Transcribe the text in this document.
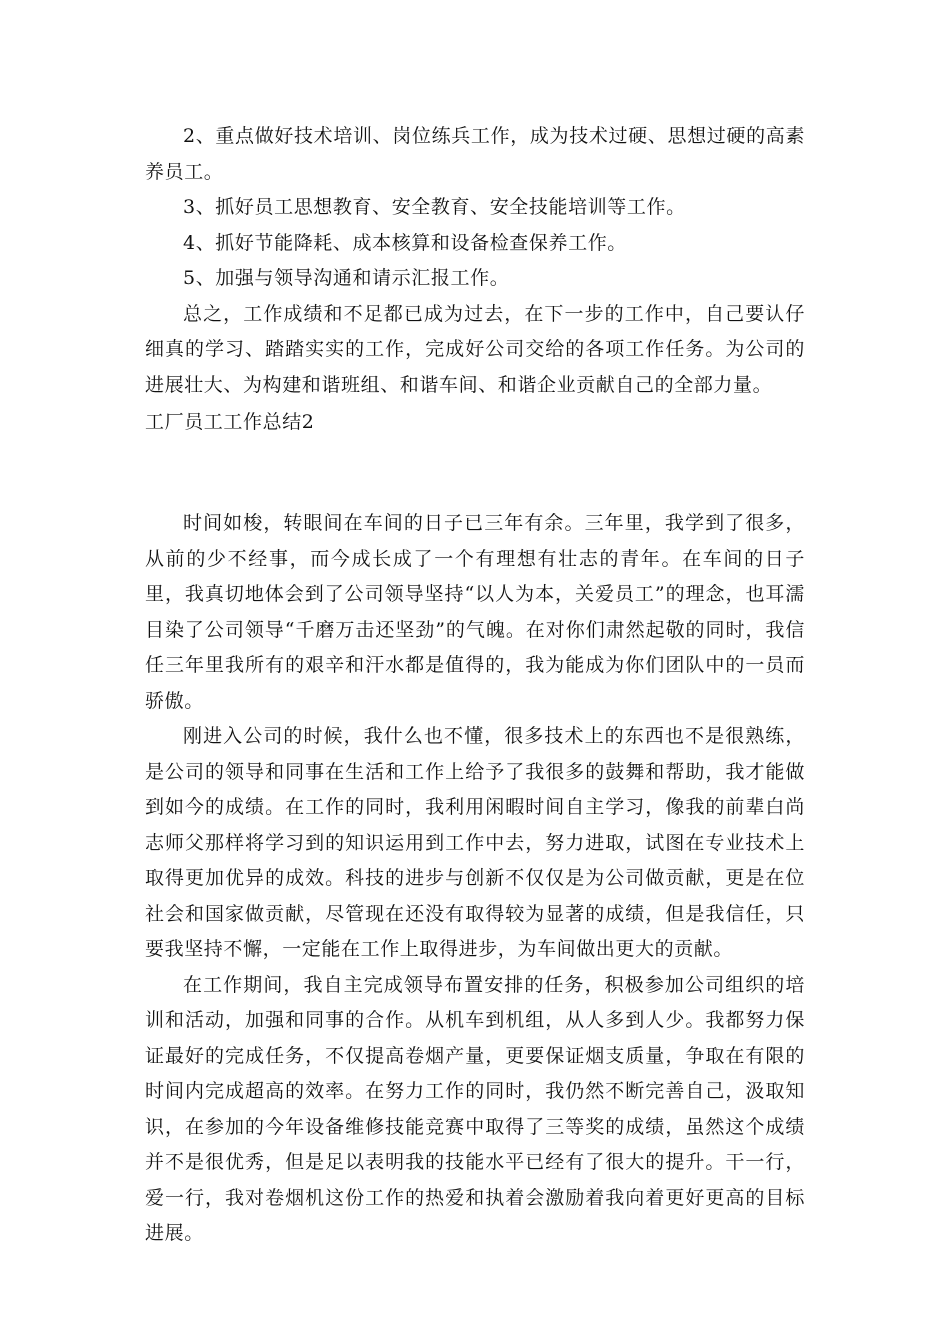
2、重点做好技术培训、岗位练兵工作，成为技术过硬、思想过硬的高素养员工。

3、抓好员工思想教育、安全教育、安全技能培训等工作。

4、抓好节能降耗、成本核算和设备检查保养工作。

5、加强与领导沟通和请示汇报工作。

总之，工作成绩和不足都已成为过去，在下一步的工作中，自己要认仔细真的学习、踏踏实实的工作，完成好公司交给的各项工作任务。为公司的进展壮大、为构建和谐班组、和谐车间、和谐企业贡献自己的全部力量。

工厂员工工作总结2

时间如梭，转眼间在车间的日子已三年有余。三年里，我学到了很多，从前的少不经事，而今成长成了一个有理想有壮志的青年。在车间的日子里，我真切地体会到了公司领导坚持“以人为本，关爱员工”的理念，也耳濡目染了公司领导“千磨万击还坚劲”的气魄。在对你们肃然起敬的同时，我信任三年里我所有的艰辛和汗水都是值得的，我为能成为你们团队中的一员而骄傲。

刚进入公司的时候，我什么也不懂，很多技术上的东西也不是很熟练，是公司的领导和同事在生活和工作上给予了我很多的鼓舞和帮助，我才能做到如今的成绩。在工作的同时，我利用闲暇时间自主学习，像我的前辈白尚志师父那样将学习到的知识运用到工作中去，努力进取，试图在专业技术上取得更加优异的成效。科技的进步与创新不仅仅是为公司做贡献，更是在位社会和国家做贡献，尽管现在还没有取得较为显著的成绩，但是我信任，只要我坚持不懈，一定能在工作上取得进步，为车间做出更大的贡献。

在工作期间，我自主完成领导布置安排的任务，积极参加公司组织的培训和活动，加强和同事的合作。从机车到机组，从人多到人少。我都努力保证最好的完成任务，不仅提高卷烟产量，更要保证烟支质量，争取在有限的时间内完成超高的效率。在努力工作的同时，我仍然不断完善自己，汲取知识，在参加的今年设备维修技能竞赛中取得了三等奖的成绩，虽然这个成绩并不是很优秀，但是足以表明我的技能水平已经有了很大的提升。干一行，爱一行，我对卷烟机这份工作的热爱和执着会激励着我向着更好更高的目标进展。
